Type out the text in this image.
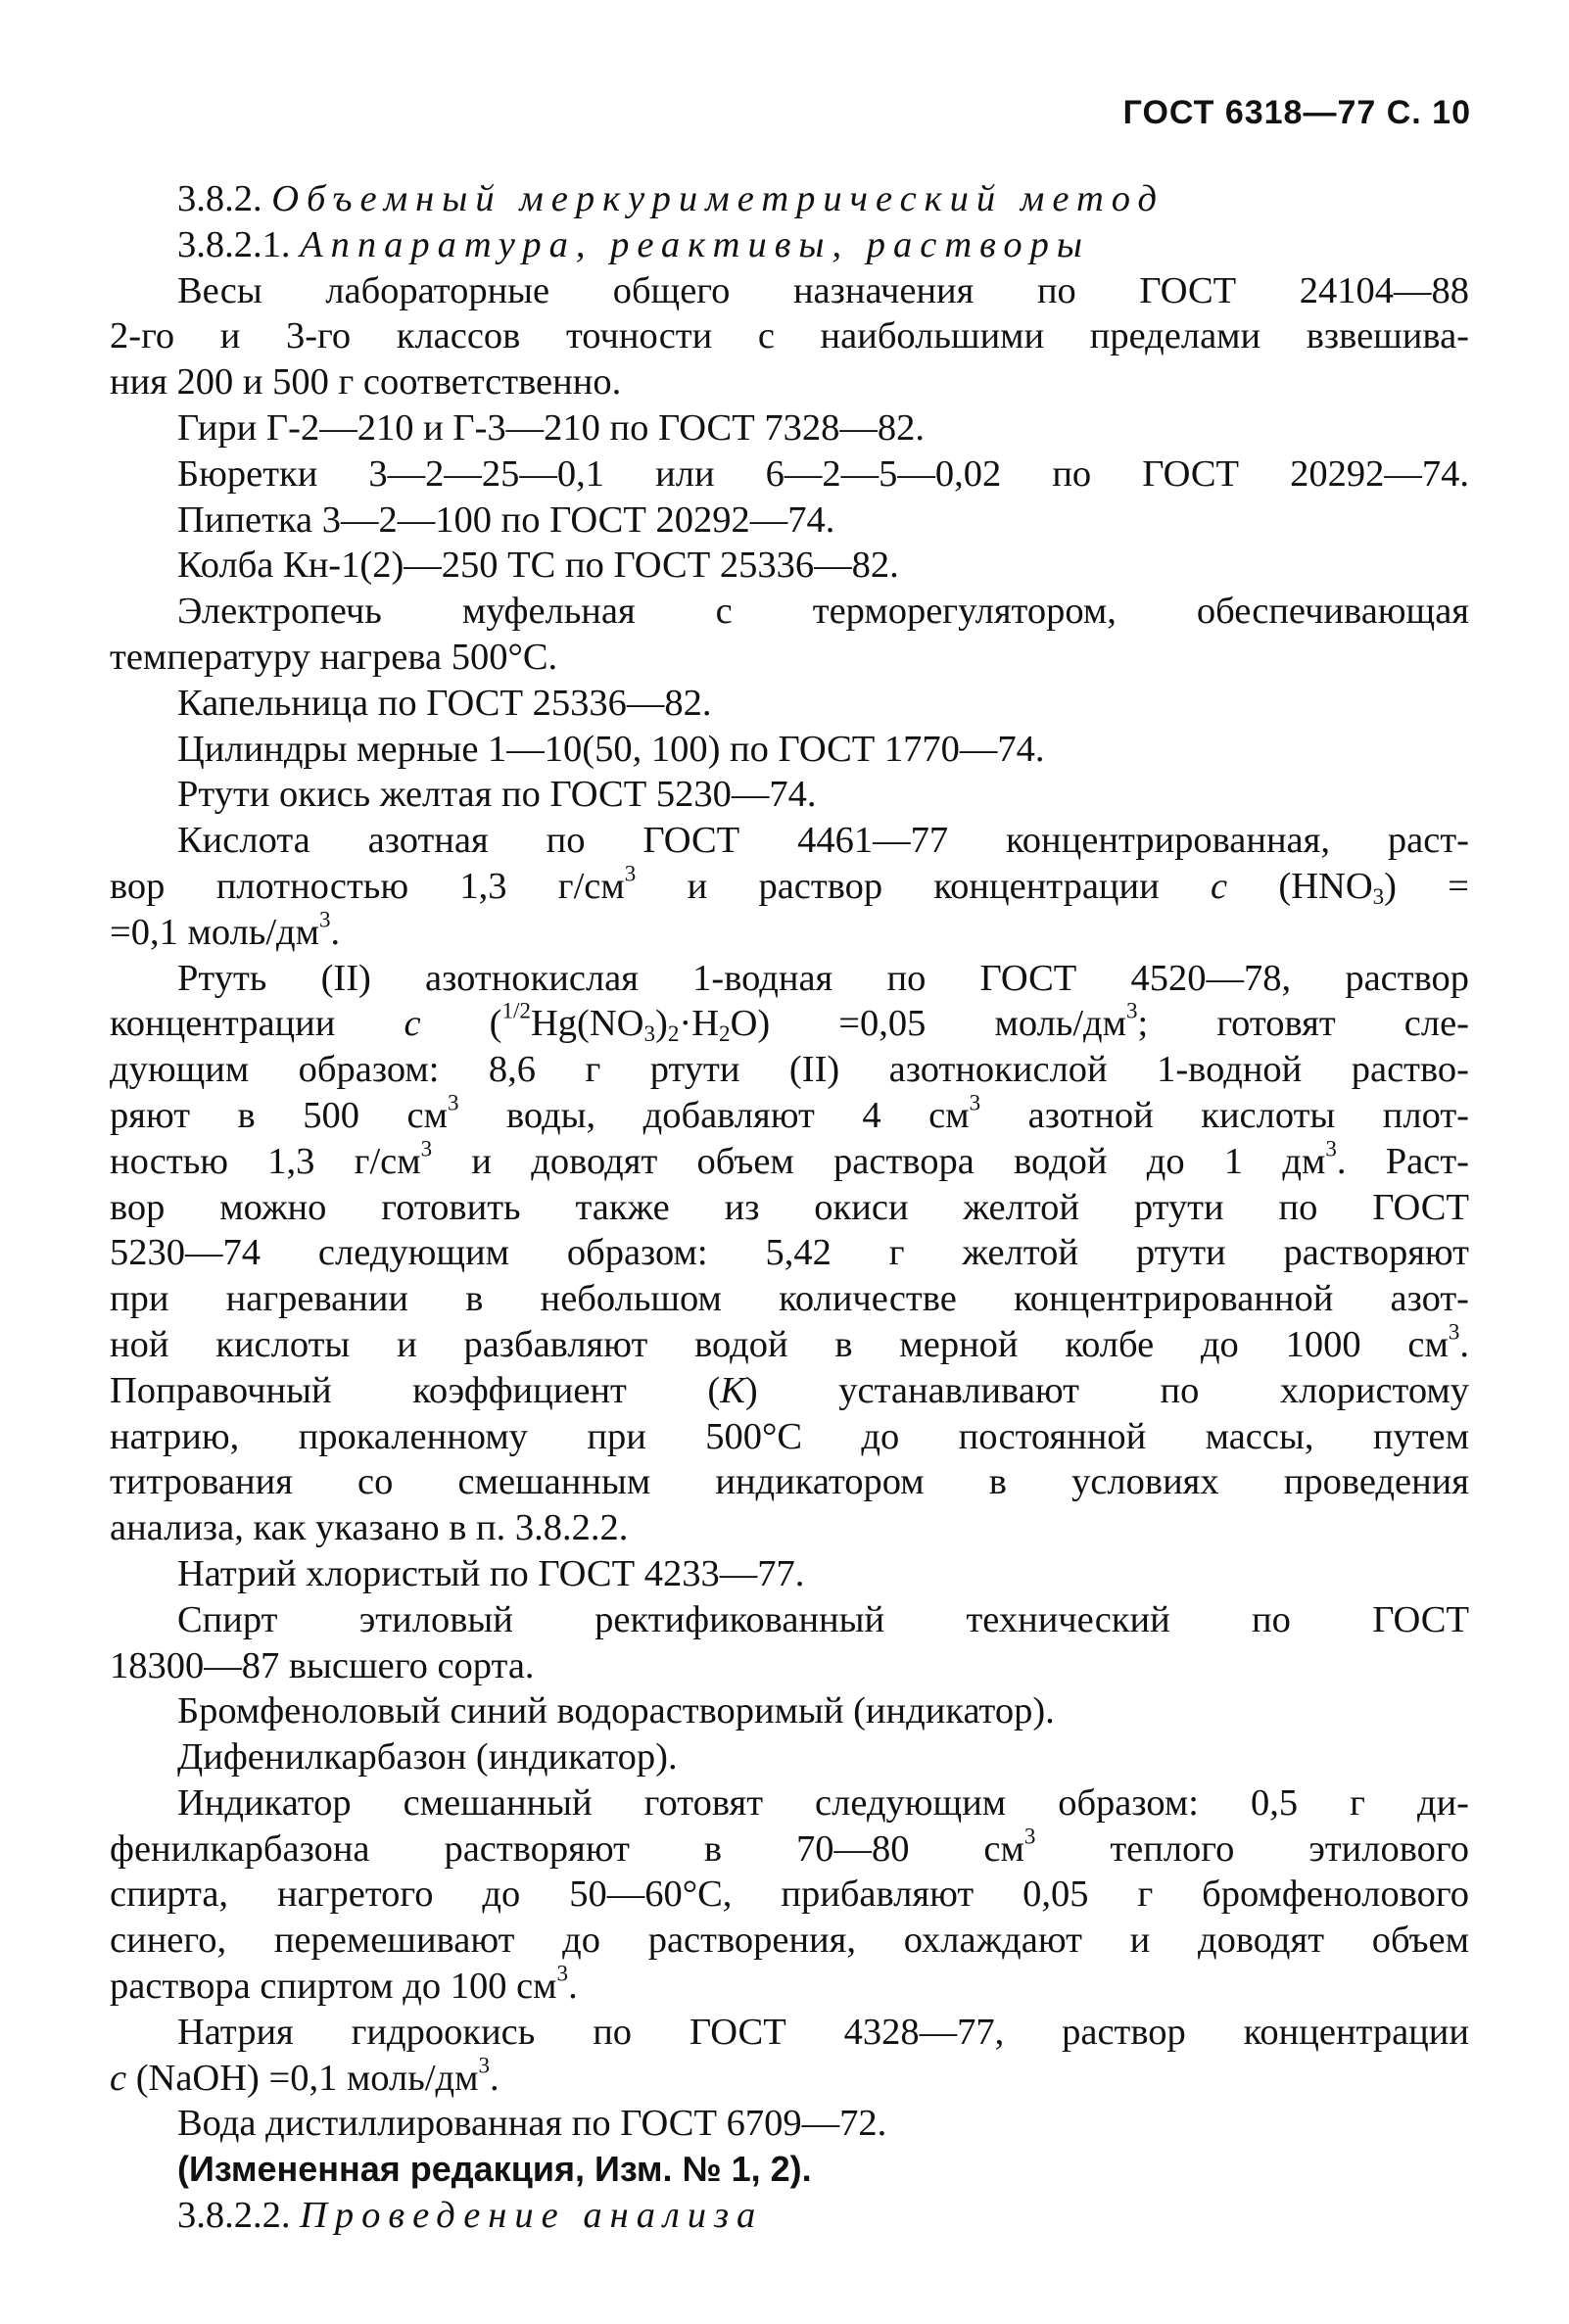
ГОСТ 6318—77 С. 10
3.8.2. Объемный меркуриметрический метод
3.8.2.1. Аппаратура, реактивы, растворы
Весы лабораторные общего назначения по ГОСТ 24104—88
2-го и 3-го классов точности с наибольшими пределами взвешива-
ния 200 и 500 г соответственно.
Гири Г-2—210 и Г-3—210 по ГОСТ 7328—82.
Бюретки 3—2—25—0,1 или 6—2—5—0,02 по ГОСТ 20292—74.
Пипетка 3—2—100 по ГОСТ 20292—74.
Колба Кн-1(2)—250 ТС по ГОСТ 25336—82.
Электропечь муфельная с терморегулятором, обеспечивающая
температуру нагрева 500°С.
Капельница по ГОСТ 25336—82.
Цилиндры мерные 1—10(50, 100) по ГОСТ 1770—74.
Ртути окись желтая по ГОСТ 5230—74.
Кислота азотная по ГОСТ 4461—77 концентрированная, раст-
вор плотностью 1,3 $г/см^3$ и раствор концентрации c $(HNO_3)$ =
=0,1 моль/$дм^3$.
Ртуть (II) азотнокислая 1-водная по ГОСТ 4520—78, раствор
концентрации c $(^{1/2}Hg(NO_3)_2\cdot H_2O) =0,05$ моль/$дм^3$; готовят сле-
дующим образом: 8,6 г ртути (II) азотнокислой 1-водной раство-
ряют в 500 $см^3$ воды, добавляют 4 $см^3$ азотной кислоты плот-
ностью 1,3 $г/см^3$ и доводят объем раствора водой до 1 $дм^3$. Раст-
вор можно готовить также из окиси желтой ртути по ГОСТ
5230—74 следующим образом: 5,42 г желтой ртути растворяют
при нагревании в небольшом количестве концентрированной азот-
ной кислоты и разбавляют водой в мерной колбе до 1000 $см^3$.
Поправочный коэффициент (K) устанавливают по хлористому
натрию, прокаленному при 500°С до постоянной массы, путем
титрования со смешанным индикатором в условиях проведения
анализа, как указано в п. 3.8.2.2.
Натрий хлористый по ГОСТ 4233—77.
Спирт этиловый ректификованный технический по ГОСТ
18300—87 высшего сорта.
Бромфеноловый синий водорастворимый (индикатор).
Дифенилкарбазон (индикатор).
Индикатор смешанный готовят следующим образом: 0,5 г ди-
фенилкарбазона растворяют в 70—80 $см^3$ теплого этилового
спирта, нагретого до 50—60°С, прибавляют 0,05 г бромфенолового
синего, перемешивают до растворения, охлаждают и доводят объем
раствора спиртом до 100 $см^3$.
Натрия гидроокись по ГОСТ 4328—77, раствор концентрации
c (NaOH) =0,1 моль/$дм^3$.
Вода дистиллированная по ГОСТ 6709—72.
(Измененная редакция, Изм. № 1, 2).
3.8.2.2. Проведение анализа
